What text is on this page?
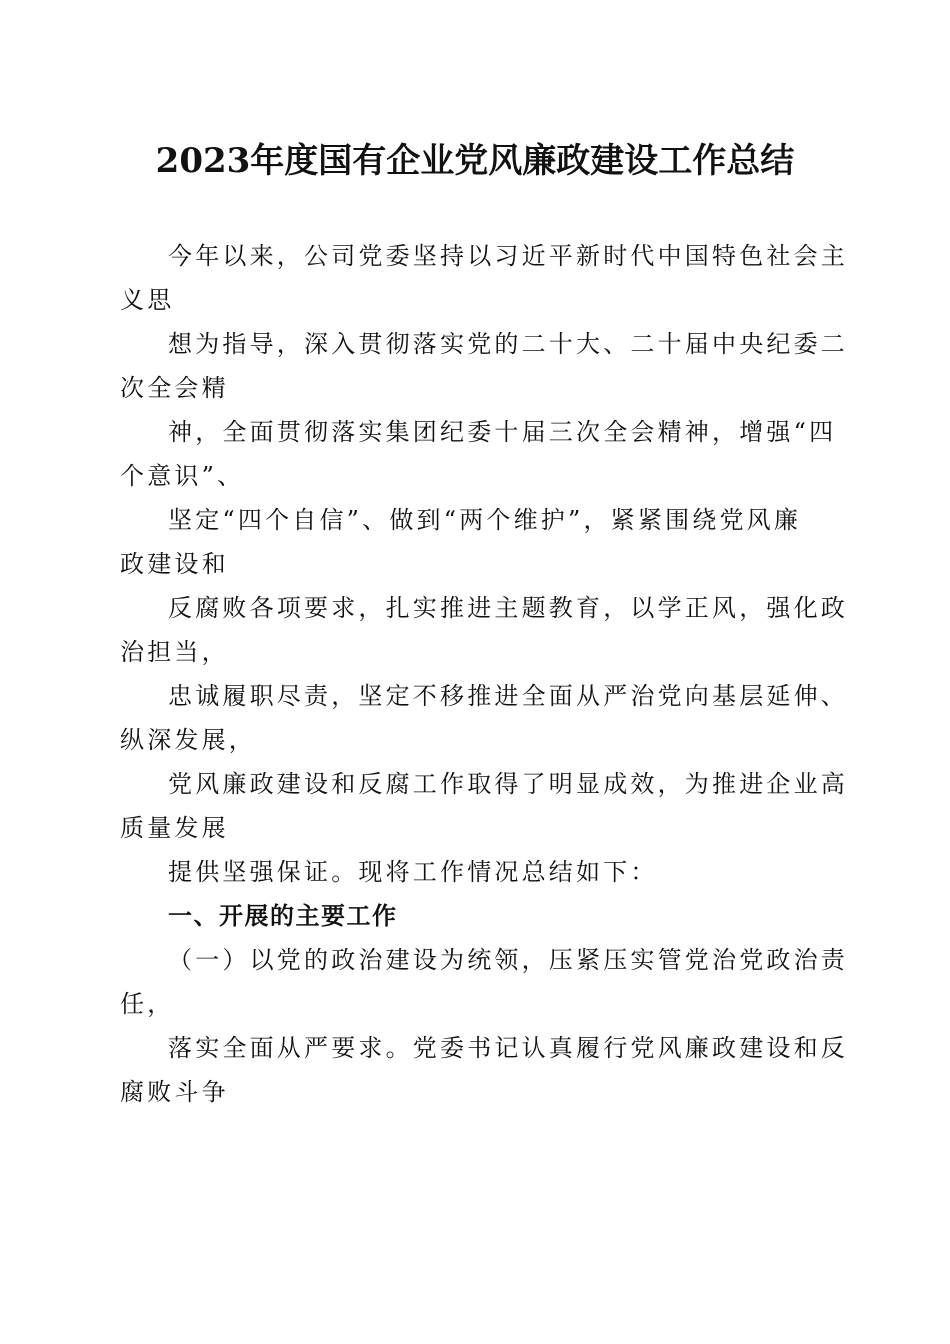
2023年度国有企业党风廉政建设工作总结
今年以来，公司党委坚持以习近平新时代中国特色社会主
义思
想为指导，深入贯彻落实党的二十大、二十届中央纪委二
次全会精
神，全面贯彻落实集团纪委十届三次全会精神，增强“四
个意识”、
坚定“四个自信”、做到“两个维护”，紧紧围绕党风廉
政建设和
反腐败各项要求，扎实推进主题教育，以学正风，强化政
治担当，
忠诚履职尽责，坚定不移推进全面从严治党向基层延伸、
纵深发展，
党风廉政建设和反腐工作取得了明显成效，为推进企业高
质量发展
提供坚强保证。现将工作情况总结如下：
一、开展的主要工作
（一）以党的政治建设为统领，压紧压实管党治党政治责
任，
落实全面从严要求。党委书记认真履行党风廉政建设和反
腐败斗争
